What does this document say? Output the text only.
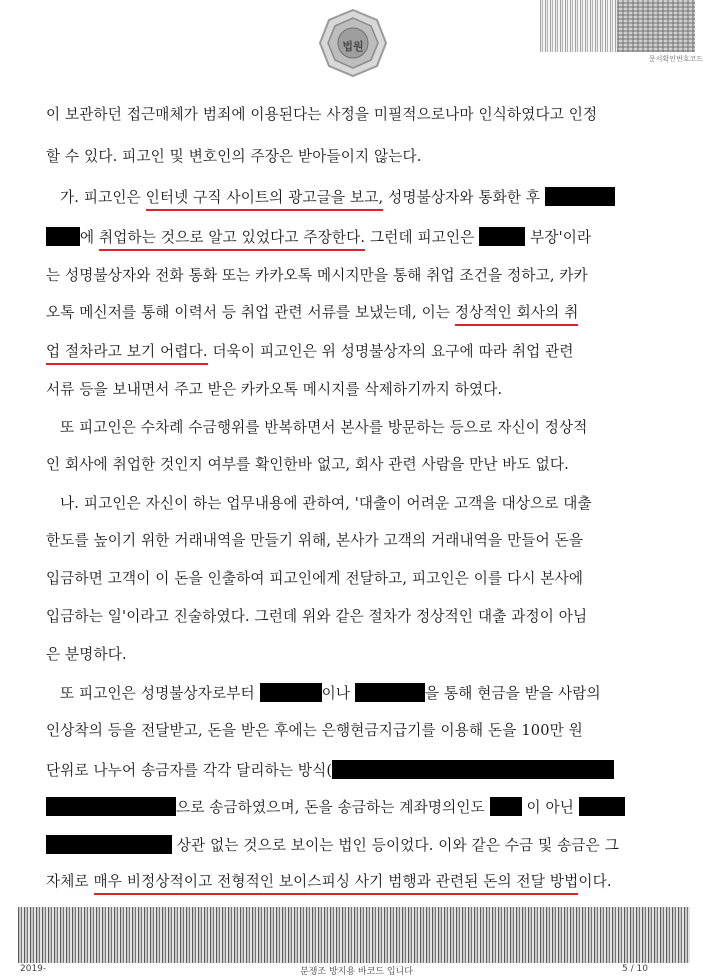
법원
문서확인번호코드
이 보관하던 접근매체가 범죄에 이용된다는 사정을 미필적으로나마 인식하였다고 인정
할 수 있다. 피고인 및 변호인의 주장은 받아들이지 않는다.
가. 피고인은 인터넷 구직 사이트의 광고글을 보고, 성명불상자와 통화한 후
에 취업하는 것으로 알고 있었다고 주장한다. 그런데 피고인은	부장'이라
는 성명불상자와 전화 통화 또는 카카오톡 메시지만을 통해 취업 조건을 정하고, 카카
오톡 메신저를 통해 이력서 등 취업 관련 서류를 보냈는데, 이는 정상적인 회사의 취
업 절차라고 보기 어렵다. 더욱이 피고인은 위 성명불상자의 요구에 따라 취업 관련
서류 등을 보내면서 주고 받은 카카오톡 메시지를 삭제하기까지 하였다.
또 피고인은 수차례 수금행위를 반복하면서 본사를 방문하는 등으로 자신이 정상적
인 회사에 취업한 것인지 여부를 확인한바 없고, 회사 관련 사람을 만난 바도 없다.
나. 피고인은 자신이 하는 업무내용에 관하여, '대출이 어려운 고객을 대상으로 대출
한도를 높이기 위한 거래내역을 만들기 위해, 본사가 고객의 거래내역을 만들어 돈을
입금하면 고객이 이 돈을 인출하여 피고인에게 전달하고, 피고인은 이를 다시 본사에
입금하는 일'이라고 진술하였다. 그런데 위와 같은 절차가 정상적인 대출 과정이 아님
은 분명하다.
또 피고인은 성명불상자로부터	이나	을 통해 현금을 받을 사람의
인상착의 등을 전달받고, 돈을 받은 후에는 은행현금지급기를 이용해 돈을 100만 원
단위로 나누어 송금자를 각각 달리하는 방식(
으로 송금하였으며, 돈을 송금하는 계좌명의인도	이 아닌
상관 없는 것으로 보이는 법인 등이었다. 이와 같은 수금 및 송금은 그
자체로 매우 비정상적이고 전형적인 보이스피싱 사기 범행과 관련된 돈의 전달 방법이다.
2019-	분쟁조 방지용 바코드 입니다	5 / 10
